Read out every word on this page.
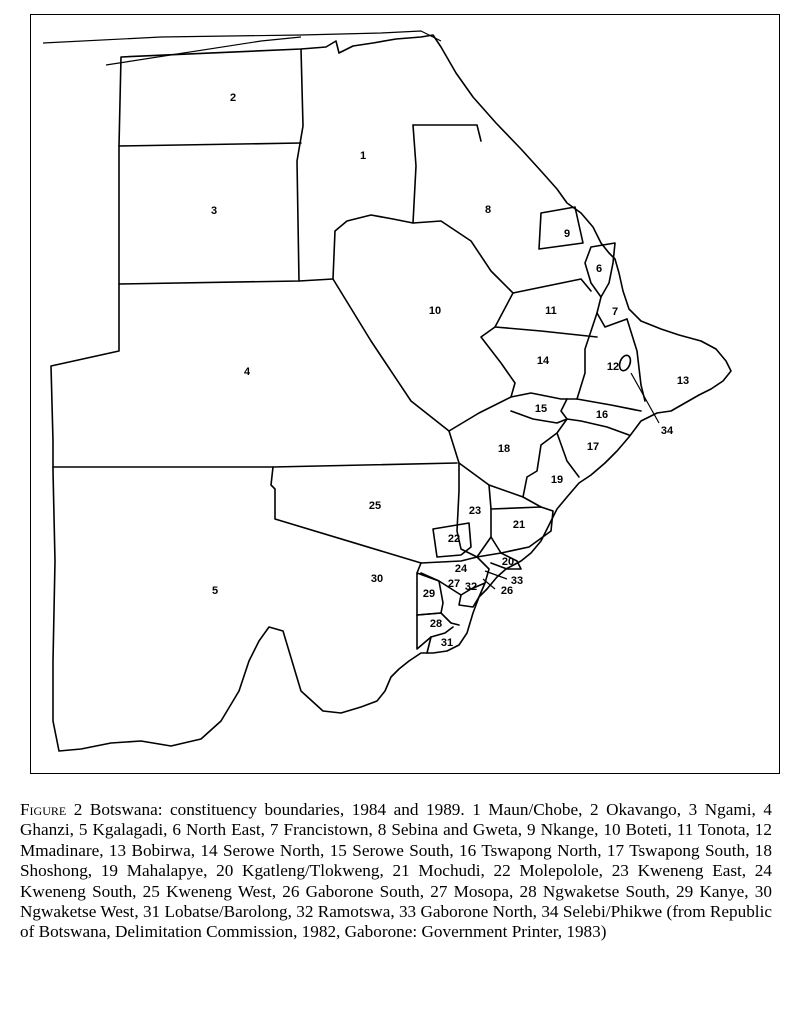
2
1
3	8
9
6
10	11	7
4
14	12
13
15	16
34
18	17
19
25	23
21
22
20
24
33
30	27 32 26
5	29
28
31
Figure 2 Botswana: constituency boundaries, 1984 and 1989. 1 Maun/Chobe, 2 Okavango, 3 Ngami, 4 Ghanzi, 5 Kgalagadi, 6 North East, 7 Francistown, 8 Sebina and Gweta, 9 Nkange, 10 Boteti, 11 Tonota, 12 Mmadinare, 13 Bobirwa, 14 Serowe North, 15 Serowe South, 16 Tswapong North, 17 Tswapong South, 18 Shoshong, 19 Mahalapye, 20 Kgatleng/Tlokweng, 21 Mochudi, 22 Molepolole, 23 Kweneng East, 24 Kweneng South, 25 Kweneng West, 26 Gaborone South, 27 Mosopa, 28 Ngwaketse South, 29 Kanye, 30 Ngwaketse West, 31 Lobatse/Barolong, 32 Ramotswa, 33 Gaborone North, 34 Selebi/Phikwe (from Republic of Botswana, Delimitation Commission, 1982, Gaborone: Government Printer, 1983)
